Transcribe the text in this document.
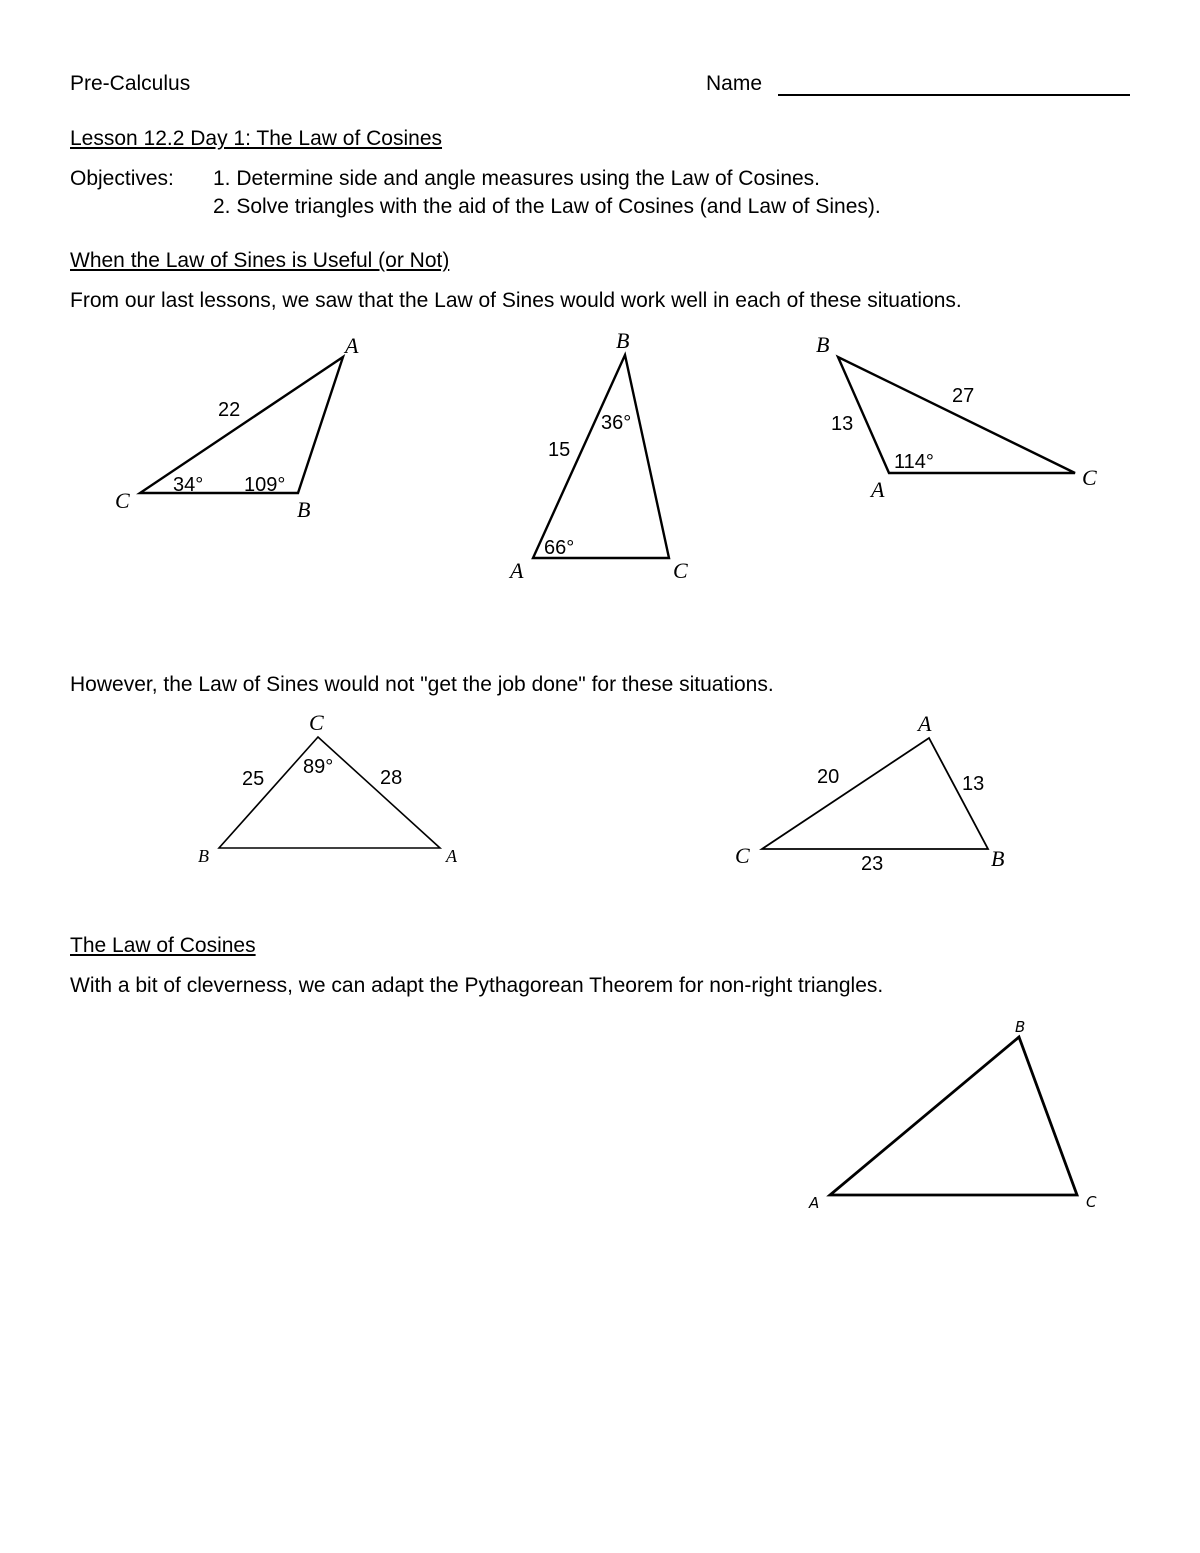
Pre-Calculus	Name

Lesson 12.2 Day 1: The Law of Cosines

Objectives: 1. Determine side and angle measures using the Law of Cosines.

2. Solve triangles with the aid of the Law of Cosines (and Law of Sines).

When the Law of Sines is Useful (or Not)

From our last lessons, we saw that the Law of Sines would work well in each of these situations.

A
B
C
22
34° 109°
B
A	C
15
36°
66°
B
A	C
13
27
114°
C
B	A
25	28
89°
A
C	B
20	13
23
B
A	C

However, the Law of Sines would not "get the job done" for these situations.

The Law of Cosines

With a bit of cleverness, we can adapt the Pythagorean Theorem for non-right triangles.
